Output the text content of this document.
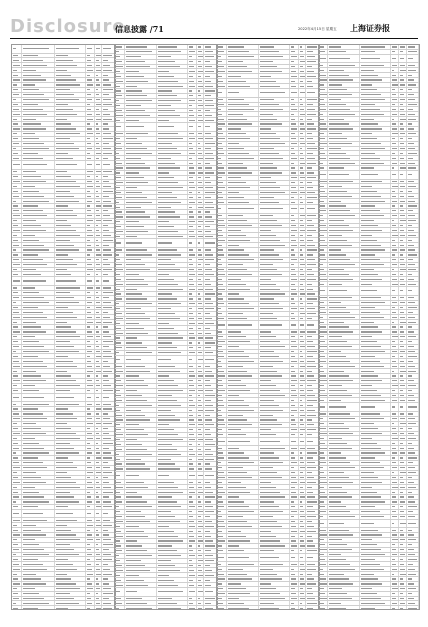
Disclosure
信息披露 /71	2022年4月15日 星期五 上海证券报
